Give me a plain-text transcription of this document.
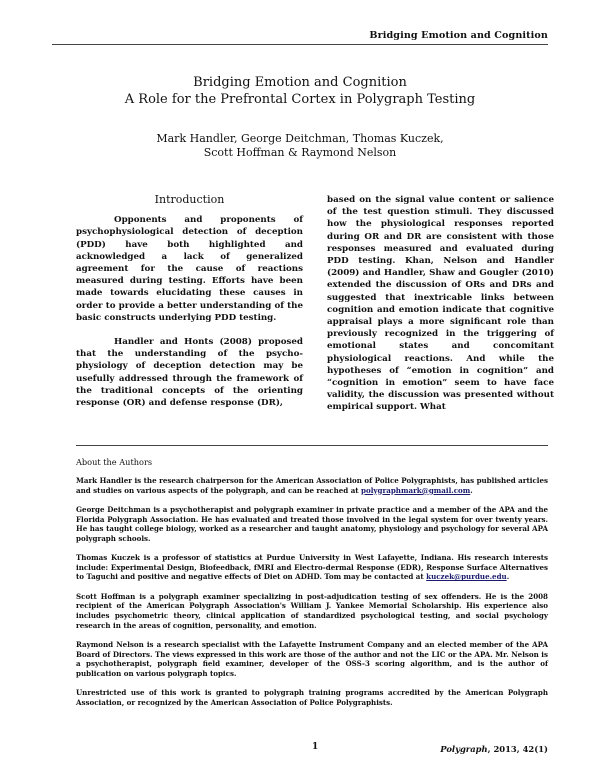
Bridging Emotion and Cognition
Bridging Emotion and Cognition
A Role for the Prefrontal Cortex in Polygraph Testing
Mark Handler, George Deitchman, Thomas Kuczek,
Scott Hoffman & Raymond Nelson
Introduction

Opponents and proponents of psychophysiological detection of deception (PDD) have both highlighted and acknowledged a lack of generalized agreement for the cause of reactions measured during testing. Efforts have been made towards elucidating these causes in order to provide a better understanding of the basic constructs underlying PDD testing.

Handler and Honts (2008) proposed that the understanding of the psycho-physiology of deception detection may be usefully addressed through the framework of the traditional concepts of the orienting response (OR) and defense response (DR),

based on the signal value content or salience of the test question stimuli. They discussed how the physiological responses reported during OR and DR are consistent with those responses measured and evaluated during PDD testing. Khan, Nelson and Handler (2009) and Handler, Shaw and Gougler (2010) extended the discussion of ORs and DRs and suggested that inextricable links between cognition and emotion indicate that cognitive appraisal plays a more significant role than previously recognized in the triggering of emotional states and concomitant physiological reactions. And while the hypotheses of “emotion in cognition” and “cognition in emotion” seem to have face validity, the discussion was presented without empirical support. What

About the Authors

Mark Handler is the research chairperson for the American Association of Police Polygraphists, has published articles and studies on various aspects of the polygraph, and can be reached at polygraphmark@gmail.com.

George Deitchman is a psychotherapist and polygraph examiner in private practice and a member of the APA and the Florida Polygraph Association. He has evaluated and treated those involved in the legal system for over twenty years. He has taught college biology, worked as a researcher and taught anatomy, physiology and psychology for several APA polygraph schools.

Thomas Kuczek is a professor of statistics at Purdue University in West Lafayette, Indiana. His research interests include: Experimental Design, Biofeedback, fMRI and Electro-dermal Response (EDR), Response Surface Alternatives to Taguchi and positive and negative effects of Diet on ADHD. Tom may be contacted at kuczek@purdue.edu.

Scott Hoffman is a polygraph examiner specializing in post-adjudication testing of sex offenders. He is the 2008 recipient of the American Polygraph Association's William J. Yankee Memorial Scholarship. His experience also includes psychometric theory, clinical application of standardized psychological testing, and social psychology research in the areas of cognition, personality, and emotion.

Raymond Nelson is a research specialist with the Lafayette Instrument Company and an elected member of the APA Board of Directors. The views expressed in this work are those of the author and not the LIC or the APA. Mr. Nelson is a psychotherapist, polygraph field examiner, developer of the OSS-3 scoring algorithm, and is the author of publication on various polygraph topics.

Unrestricted use of this work is granted to polygraph training programs accredited by the American Polygraph Association, or recognized by the American Association of Police Polygraphists.

1	Polygraph, 2013, 42(1)
